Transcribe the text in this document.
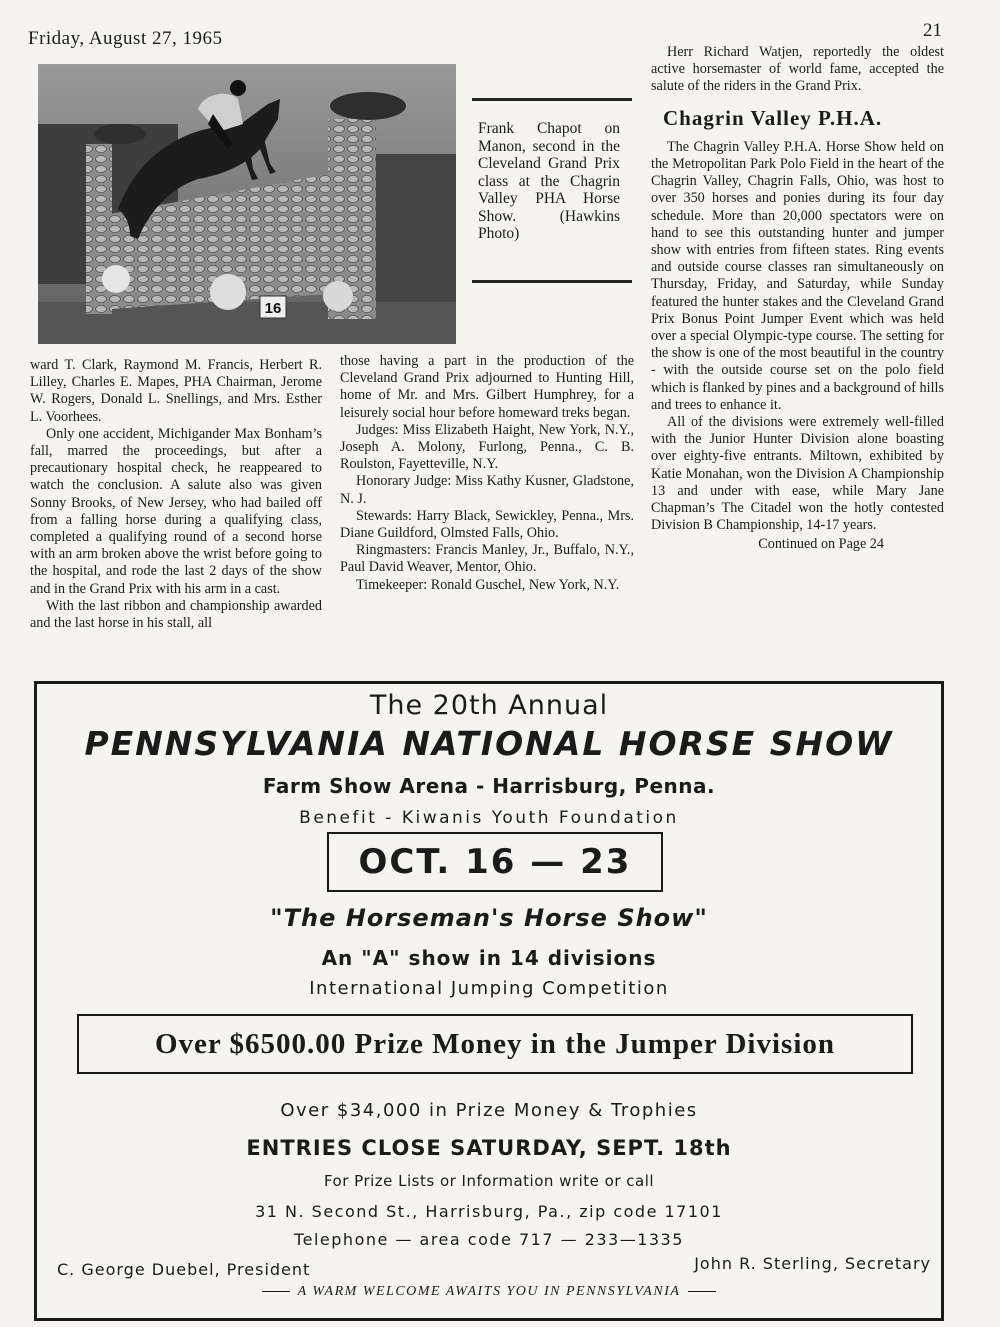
Friday, August 27, 1965	21
16
Frank Chapot on Manon, second in the Cleveland Grand Prix class at the Chagrin Valley PHA Horse Show. (Hawkins Photo)

ward T. Clark, Raymond M. Francis, Herbert R. Lilley, Charles E. Mapes, PHA Chairman, Jerome W. Rogers, Donald L. Snellings, and Mrs. Esther L. Voorhees.

Only one accident, Michigander Max Bonham’s fall, marred the proceedings, but after a precautionary hospital check, he reappeared to watch the conclusion. A salute also was given Sonny Brooks, of New Jersey, who had bailed off from a falling horse during a qualifying class, completed a qualifying round of a second horse with an arm broken above the wrist before going to the hospital, and rode the last 2 days of the show and in the Grand Prix with his arm in a cast.

With the last ribbon and championship awarded and the last horse in his stall, all

those having a part in the production of the Cleveland Grand Prix adjourned to Hunting Hill, home of Mr. and Mrs. Gilbert Humphrey, for a leisurely social hour before homeward treks began.

Judges: Miss Elizabeth Haight, New York, N.Y., Joseph A. Molony, Furlong, Penna., C. B. Roulston, Fayetteville, N.Y.

Honorary Judge: Miss Kathy Kusner, Gladstone, N. J.

Stewards: Harry Black, Sewickley, Penna., Mrs. Diane Guildford, Olmsted Falls, Ohio.

Ringmasters: Francis Manley, Jr., Buffalo, N.Y., Paul David Weaver, Mentor, Ohio.

Timekeeper: Ronald Guschel, New York, N.Y.

Herr Richard Watjen, reportedly the oldest active horsemaster of world fame, accepted the salute of the riders in the Grand Prix.

Chagrin Valley P.H.A.

The Chagrin Valley P.H.A. Horse Show held on the Metropolitan Park Polo Field in the heart of the Chagrin Valley, Chagrin Falls, Ohio, was host to over 350 horses and ponies during its four day schedule. More than 20,000 spectators were on hand to see this outstanding hunter and jumper show with entries from fifteen states. Ring events and outside course classes ran simultaneously on Thursday, Friday, and Saturday, while Sunday featured the hunter stakes and the Cleveland Grand Prix Bonus Point Jumper Event which was held over a special Olympic-type course. The setting for the show is one of the most beautiful in the country - with the outside course set on the polo field which is flanked by pines and a background of hills and trees to enhance it.

All of the divisions were extremely well-filled with the Junior Hunter Division alone boasting over eighty-five entrants. Miltown, exhibited by Katie Monahan, won the Division A Championship 13 and under with ease, while Mary Jane Chapman’s The Citadel won the hotly contested Division B Championship, 14-17 years.

Continued on Page 24

The 20th Annual
PENNSYLVANIA NATIONAL HORSE SHOW
Farm Show Arena - Harrisburg, Penna.
Benefit - Kiwanis Youth Foundation
OCT. 16 — 23
"The Horseman's Horse Show"
An "A" show in 14 divisions
International Jumping Competition
Over $6500.00 Prize Money in the Jumper Division
Over $34,000 in Prize Money & Trophies
ENTRIES CLOSE SATURDAY, SEPT. 18th
For Prize Lists or Information write or call
31 N. Second St., Harrisburg, Pa., zip code 17101
Telephone — area code 717 — 233—1335
C. George Duebel, President	John R. Sterling, Secretary
A WARM WELCOME AWAITS YOU IN PENNSYLVANIA
